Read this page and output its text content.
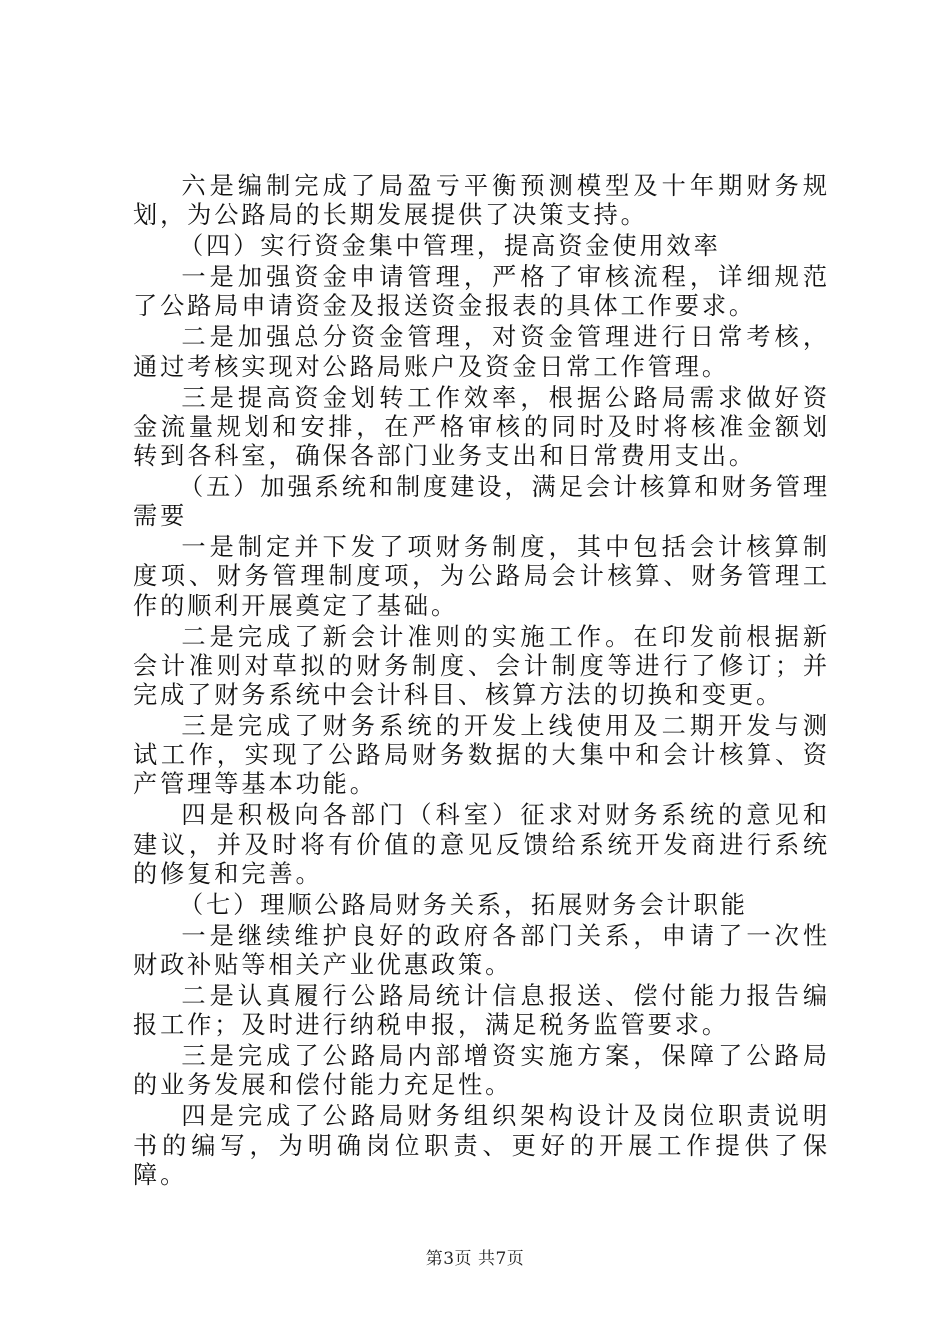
六是编制完成了局盈亏平衡预测模型及十年期财务规划，为公路局的长期发展提供了决策支持。

（四）实行资金集中管理，提高资金使用效率

一是加强资金申请管理，严格了审核流程，详细规范了公路局申请资金及报送资金报表的具体工作要求。

二是加强总分资金管理，对资金管理进行日常考核，通过考核实现对公路局账户及资金日常工作管理。

三是提高资金划转工作效率，根据公路局需求做好资金流量规划和安排，在严格审核的同时及时将核准金额划转到各科室，确保各部门业务支出和日常费用支出。

（五）加强系统和制度建设，满足会计核算和财务管理需要

一是制定并下发了项财务制度，其中包括会计核算制度项、财务管理制度项，为公路局会计核算、财务管理工作的顺利开展奠定了基础。

二是完成了新会计准则的实施工作。在印发前根据新会计准则对草拟的财务制度、会计制度等进行了修订；并完成了财务系统中会计科目、核算方法的切换和变更。

三是完成了财务系统的开发上线使用及二期开发与测试工作，实现了公路局财务数据的大集中和会计核算、资产管理等基本功能。

四是积极向各部门（科室）征求对财务系统的意见和建议，并及时将有价值的意见反馈给系统开发商进行系统的修复和完善。

（七）理顺公路局财务关系，拓展财务会计职能

一是继续维护良好的政府各部门关系，申请了一次性财政补贴等相关产业优惠政策。

二是认真履行公路局统计信息报送、偿付能力报告编报工作；及时进行纳税申报，满足税务监管要求。

三是完成了公路局内部增资实施方案，保障了公路局的业务发展和偿付能力充足性。

四是完成了公路局财务组织架构设计及岗位职责说明书的编写，为明确岗位职责、更好的开展工作提供了保障。

第3页 共7页
